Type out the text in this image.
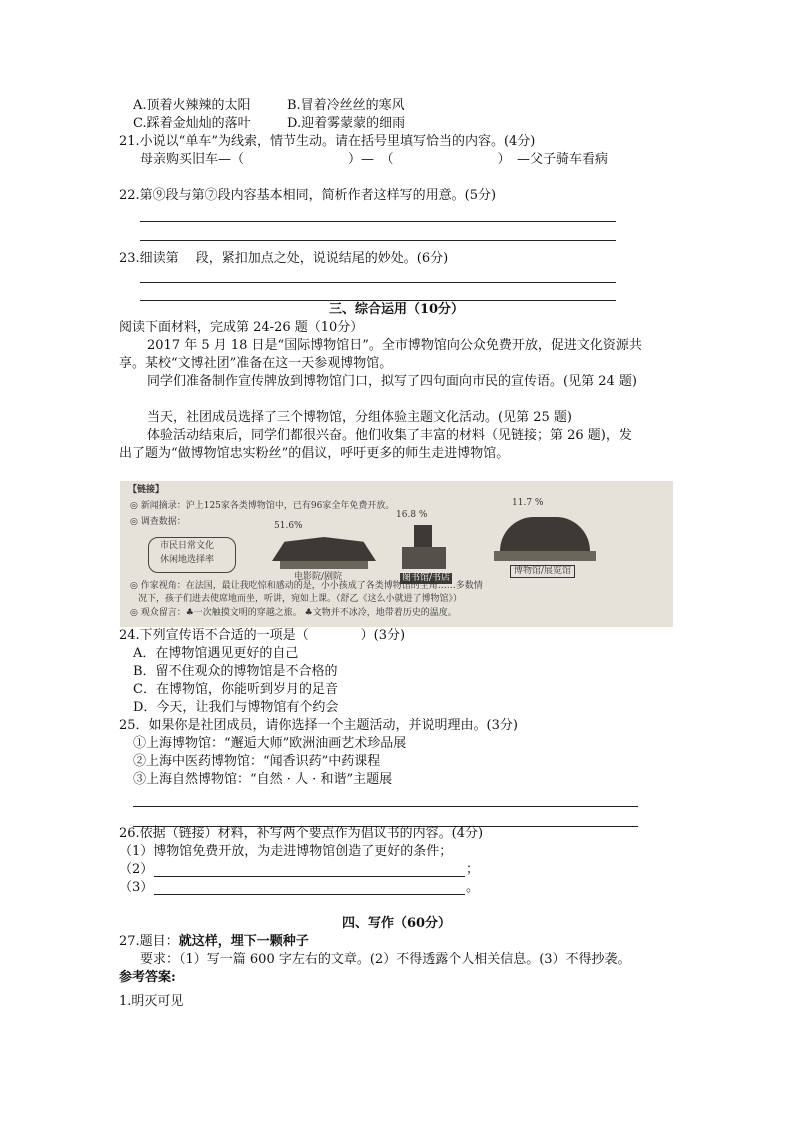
A.顶着火辣辣的太阳	B.冒着冷丝丝的寒风
C.踩着金灿灿的落叶	D.迎着雾蒙蒙的细雨
21.小说以“单车”为线索，情节生动。请在括号里填写恰当的内容。(4分)
母亲购买旧车—（　　　　　　　　）—　（　　　　　　　　）　—父子骑车看病
22.第⑨段与第⑦段内容基本相同，简析作者这样写的用意。(5分)
23.细读第　 段，紧扣加点之处，说说结尾的妙处。(6分)
三、综合运用（10分）
阅读下面材料，完成第 24-26 题（10分）
2017 年 5 月 18 日是“国际博物馆日”。全市博物馆向公众免费开放，促进文化资源共
享。某校“文博社团”准备在这一天参观博物馆。
同学们准备制作宣传牌放到博物馆门口，拟写了四句面向市民的宣传语。(见第 24 题)
当天，社团成员选择了三个博物馆，分组体验主题文化活动。(见第 25 题)
体验活动结束后，同学们都很兴奋。他们收集了丰富的材料（见链接；第 26 题)，发
出了题为“做博物馆忠实粉丝”的倡议，呼吁更多的师生走进博物馆。
【链接】
◎ 新闻摘录：沪上125家各类博物馆中，已有96家全年免费开放。
◎ 调查数据：
市民日常文化
休闲地选择率
51.6%
电影院/剧院
16.8 %
图书馆/书店
11.7 %
博物馆/展览馆
◎ 作家视角：在法国，最让我吃惊和感动的是，小小孩成了各类博物馆的主角……多数情
况下，孩子们进去使席地而坐，听讲，宛如上课。（舒乙《这么小就进了博物馆》）
◎ 观众留言：♣一次触摸文明的穿越之旅。 ♣文物并不冰冷，地带着历史的温度。
24.下列宣传语不合适的一项是（　　　　）(3分)
A．在博物馆遇见更好的自己
B．留不住观众的博物馆是不合格的
C．在博物馆，你能听到岁月的足音
D．今天，让我们与博物馆有个约会
25．如果你是社团成员，请你选择一个主题活动，并说明理由。(3分)
①上海博物馆：“邂逅大师”欧洲油画艺术珍品展
②上海中医药博物馆：“闻香识药”中药课程
③上海自然博物馆：“自然 · 人 · 和谐”主题展
26.依据（链接）材料，补写两个要点作为倡议书的内容。(4分)
（1）博物馆免费开放，为走进博物馆创造了更好的条件；
（2）	；
（3）	。
四、写作（60分）
27.题目：就这样，埋下一颗种子
要求：（1）写一篇 600 字左右的文章。(2）不得透露个人相关信息。(3）不得抄袭。
参考答案:
1.明灭可见
